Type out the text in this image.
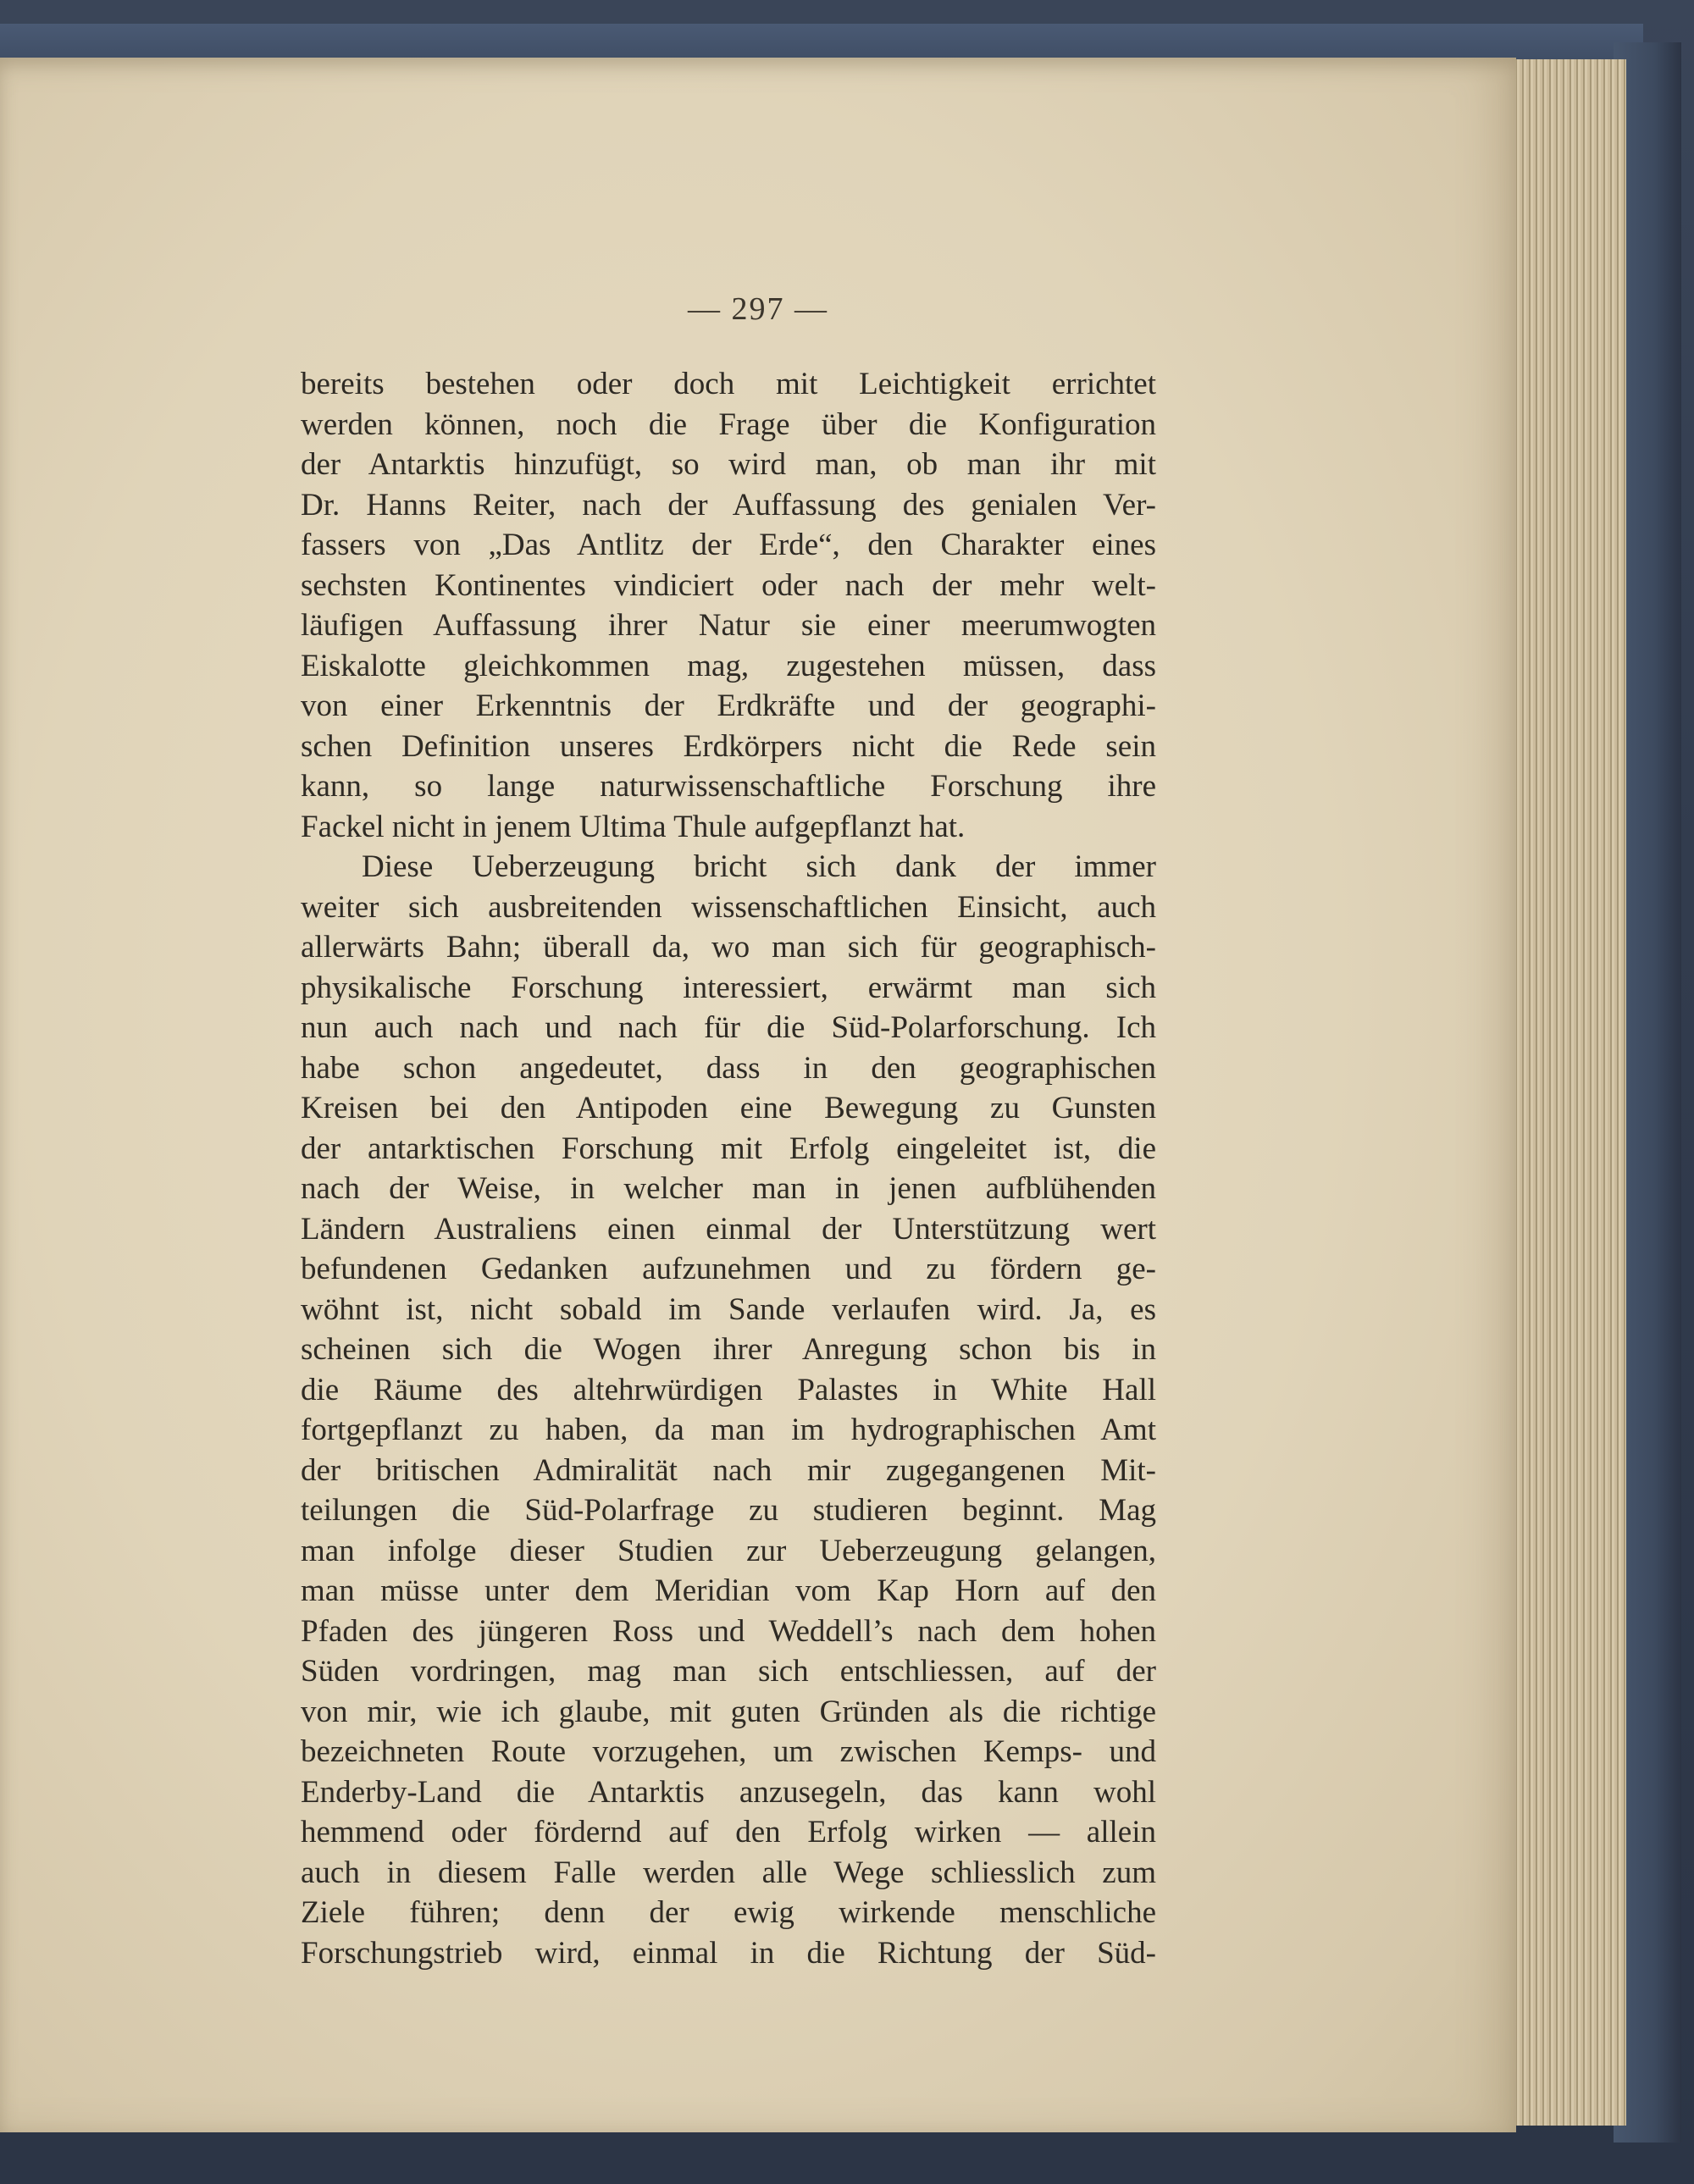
— 297 —
bereits bestehen oder doch mit Leichtigkeit errichtet
werden können, noch die Frage über die Konfiguration
der Antarktis hinzufügt, so wird man, ob man ihr mit
Dr. Hanns Reiter, nach der Auffassung des genialen Ver-
fassers von „Das Antlitz der Erde“, den Charakter eines
sechsten Kontinentes vindiciert oder nach der mehr welt-
läufigen Auffassung ihrer Natur sie einer meerumwogten
Eiskalotte gleichkommen mag, zugestehen müssen, dass
von einer Erkenntnis der Erdkräfte und der geographi-
schen Definition unseres Erdkörpers nicht die Rede sein
kann, so lange naturwissenschaftliche Forschung ihre
Fackel nicht in jenem Ultima Thule aufgepflanzt hat.
Diese Ueberzeugung bricht sich dank der immer
weiter sich ausbreitenden wissenschaftlichen Einsicht, auch
allerwärts Bahn; überall da, wo man sich für geographisch-
physikalische Forschung interessiert, erwärmt man sich
nun auch nach und nach für die Süd-Polarforschung. Ich
habe schon angedeutet, dass in den geographischen
Kreisen bei den Antipoden eine Bewegung zu Gunsten
der antarktischen Forschung mit Erfolg eingeleitet ist, die
nach der Weise, in welcher man in jenen aufblühenden
Ländern Australiens einen einmal der Unterstützung wert
befundenen Gedanken aufzunehmen und zu fördern ge-
wöhnt ist, nicht sobald im Sande verlaufen wird. Ja, es
scheinen sich die Wogen ihrer Anregung schon bis in
die Räume des altehrwürdigen Palastes in White Hall
fortgepflanzt zu haben, da man im hydrographischen Amt
der britischen Admiralität nach mir zugegangenen Mit-
teilungen die Süd-Polarfrage zu studieren beginnt. Mag
man infolge dieser Studien zur Ueberzeugung gelangen,
man müsse unter dem Meridian vom Kap Horn auf den
Pfaden des jüngeren Ross und Weddell’s nach dem hohen
Süden vordringen, mag man sich entschliessen, auf der
von mir, wie ich glaube, mit guten Gründen als die richtige
bezeichneten Route vorzugehen, um zwischen Kemps- und
Enderby-Land die Antarktis anzusegeln, das kann wohl
hemmend oder fördernd auf den Erfolg wirken — allein
auch in diesem Falle werden alle Wege schliesslich zum
Ziele führen; denn der ewig wirkende menschliche
Forschungstrieb wird, einmal in die Richtung der Süd-
